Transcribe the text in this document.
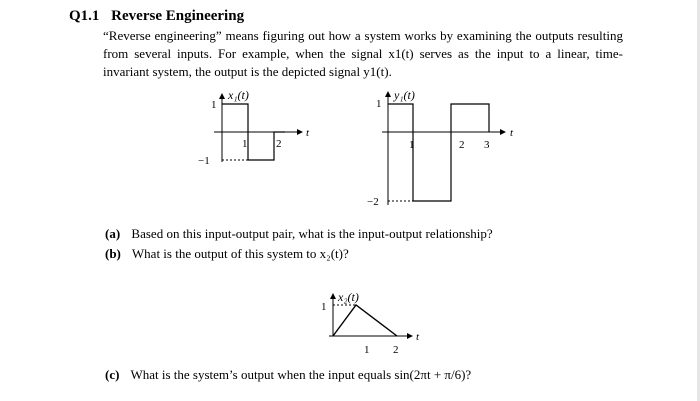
Q1.1 Reverse Engineering

“Reverse engineering” means figuring out how a system works by examining the outputs resulting from several inputs. For example, when the signal x1(t) serves as the input to a linear, time-invariant system, the output is the depicted signal y1(t).

x₁(t)
t
1
−1
1	2
y₁(t)
t
1
−2
1	2 3
x₂(t)
t
1
1 2
(a) Based on this input-output pair, what is the input-output relationship?
(b) What is the output of this system to x₂(t)?
(c) What is the system’s output when the input equals sin(2πt + π/6)?
